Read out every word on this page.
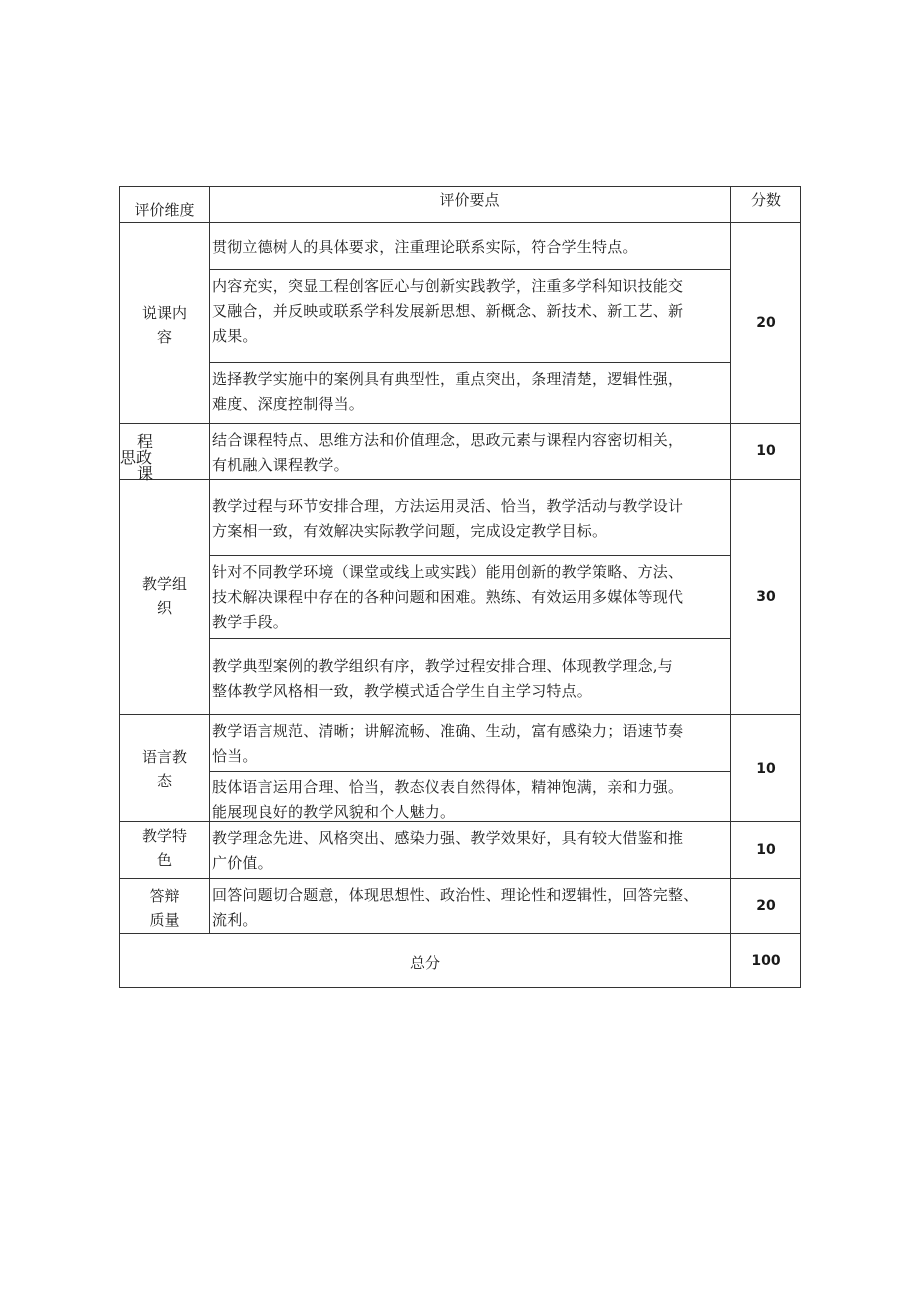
评价维度
评价要点	分数
说课内
容
程
思政
课
教学组
织
语言教
态
教学特
色
答辩
质量
贯彻立德树人的具体要求，注重理论联系实际，符合学生特点。
内容充实，突显工程创客匠心与创新实践教学，注重多学科知识技能交
叉融合，并反映或联系学科发展新思想、新概念、新技术、新工艺、新
成果。
选择教学实施中的案例具有典型性，重点突出，条理清楚，逻辑性强，
难度、深度控制得当。
结合课程特点、思维方法和价值理念，思政元素与课程内容密切相关，
有机融入课程教学。
教学过程与环节安排合理，方法运用灵活、恰当，教学活动与教学设计
方案相一致，有效解决实际教学问题，完成设定教学目标。
针对不同教学环境（课堂或线上或实践）能用创新的教学策略、方法、
技术解决课程中存在的各种问题和困难。熟练、有效运用多媒体等现代
教学手段。
教学典型案例的教学组织有序，教学过程安排合理、体现教学理念,与
整体教学风格相一致，教学模式适合学生自主学习特点。
教学语言规范、清晰；讲解流畅、准确、生动，富有感染力；语速节奏
恰当。
肢体语言运用合理、恰当，教态仪表自然得体，精神饱满，亲和力强。
能展现良好的教学风貌和个人魅力。
教学理念先进、风格突出、感染力强、教学效果好，具有较大借鉴和推
广价值。
回答问题切合题意，体现思想性、政治性、理论性和逻辑性，回答完整、
流利。
20
10
30
10
10
20
总分	100
